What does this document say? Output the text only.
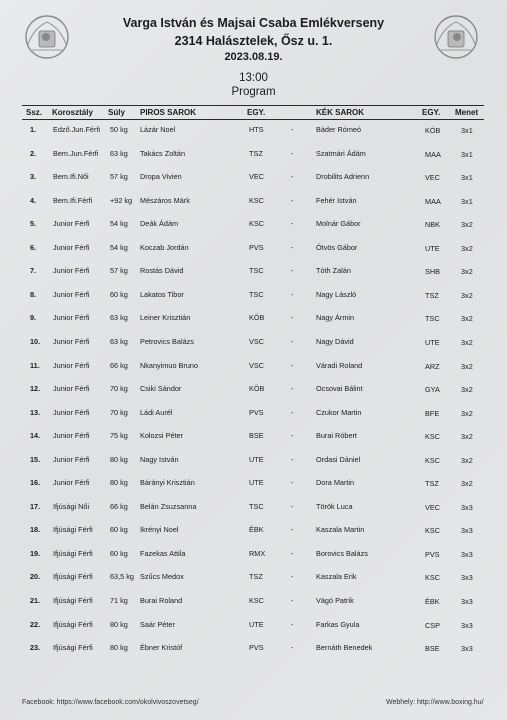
Varga István és Majsai Csaba Emlékverseny
2314 Halásztelek, Ősz u. 1.
2023.08.19.
13:00
Program
Ssz. Korosztály Súly PIROS SAROK	EGY.	KÉK SAROK	EGY. Menet
1. Edző.Jun.Férfi 50 kg Lázár Noel	HTS	-	Báder Rómeó	KÖB	3x1
2. Bem.Jun.Férfi 63 kg Takács Zoltán	TSZ	-	Szatmári Ádám	MAA	3x1
3. Bem.Ifi.Női	57 kg Dropa Vivien	VEC	-	Drobilits Adrienn	VEC	3x1
4. Bem.Ifi.Férfi +92 kg Mészáros Márk	KSC	-	Fehér István	MAA	3x1
5. Junior Férfi	54 kg Deák Ádám	KSC	-	Molnár Gábor	NBK	3x2
6. Junior Férfi	54 kg Koczab Jordán	PVS	-	Ötvös Gábor	UTE	3x2
7. Junior Férfi	57 kg Rostás Dávid	TSC	-	Tóth Zalán	SHB	3x2
8. Junior Férfi	60 kg Lakatos Tibor	TSC	-	Nagy László	TSZ	3x2
9. Junior Férfi	63 kg Leiner Krisztián	KÖB	-	Nagy Ármin	TSC	3x2
10. Junior Férfi	63 kg Petrovics Balázs	VSC	-	Nagy Dávid	UTE	3x2
11. Junior Férfi	66 kg Nkanyimuo Bruno	VSC	-	Váradi Roland	ARZ	3x2
12. Junior Férfi	70 kg Csiki Sándor	KÖB	-	Ocsovai Bálint	GYA	3x2
13. Junior Férfi	70 kg Ládi Aurél	PVS	-	Czukor Martin	BFE	3x2
14. Junior Férfi	75 kg Kolozsi Péter	BSE	-	Burai Róbert	KSC	3x2
15. Junior Férfi	80 kg Nagy István	UTE	-	Ordasi Dániel	KSC	3x2
16. Junior Férfi	80 kg Bárányi Krisztián	UTE	-	Dora Martin	TSZ	3x2
17. Ifjúsági Női	66 kg Belán Zsuzsanna	TSC	-	Török Luca	VEC	3x3
18. Ifjúsági Férfi 60 kg Ikrényi Noel	ÉBK	-	Kaszala Martin	KSC	3x3
19. Ifjúsági Férfi 60 kg Fazekas Attila	RMX	-	Borovics Balázs	PVS	3x3
20. Ifjúsági Férfi 63,5 kg Szűcs Medox	TSZ	-	Kaszala Erik	KSC	3x3
21. Ifjúsági Férfi 71 kg Burai Roland	KSC	-	Vágó Patrik	ÉBK	3x3
22. Ifjúsági Férfi 80 kg Saár Péter	UTE	-	Farkas Gyula	CSP	3x3
23. Ifjúsági Férfi 80 kg Ébner Kristóf	PVS	-	Bernáth Benedek	BSE	3x3
Facebook: https://www.facebook.com/okolvivoszovetseg/	Webhely: http://www.boxing.hu/
